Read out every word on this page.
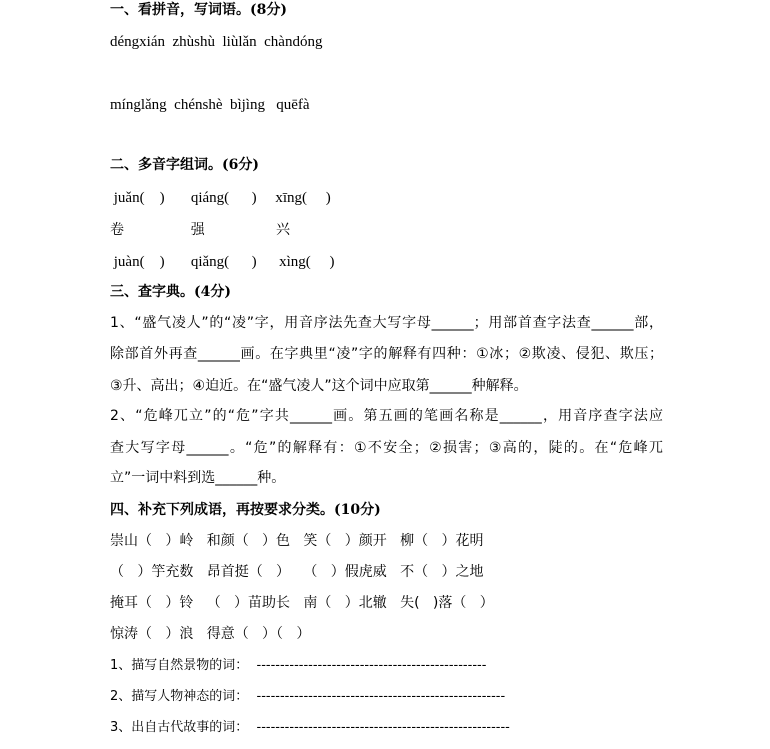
一、看拼音，写词语。(8分)
déngxián  zhùshù  liùlǎn  chàndóng
mínglǎng  chénshè  bìjìng   quēfà
二、多音字组词。(6分)
juǎn(    )       qiáng(      )     xīng(     )
卷               强                兴
juàn(    )       qiǎng(      )      xìng(     )
三、查字典。(4分)
1、“盛气凌人”的“凌”字，用音序法先查大写字母______；用部首查字法查______部，
除部首外再查______画。在字典里“凌”字的解释有四种：①冰；②欺凌、侵犯、欺压；
③升、高出；④迫近。在“盛气凌人”这个词中应取第______种解释。
2、“危峰兀立”的“危”字共______画。第五画的笔画名称是______，用音序查字法应
查大写字母______。“危”的解释有：①不安全；②损害；③高的，陡的。在“危峰兀
立”一词中料到选______种。
四、补充下列成语，再按要求分类。(10分)
崇山（   ）岭   和颜（   ）色   笑（   ）颜开   柳（   ）花明
（   ）竽充数   昂首挺（   ）   （   ）假虎威   不（   ）之地
掩耳（   ）铃   （   ）苗助长   南（   ）北辙   失(   )落（   ）
惊涛（   ）浪   得意（   ）（   ）
1、描写自然景物的词：  -------------------------------------------------
2、描写人物神态的词：  -----------------------------------------------------
3、出自古代故事的词：  ------------------------------------------------------
